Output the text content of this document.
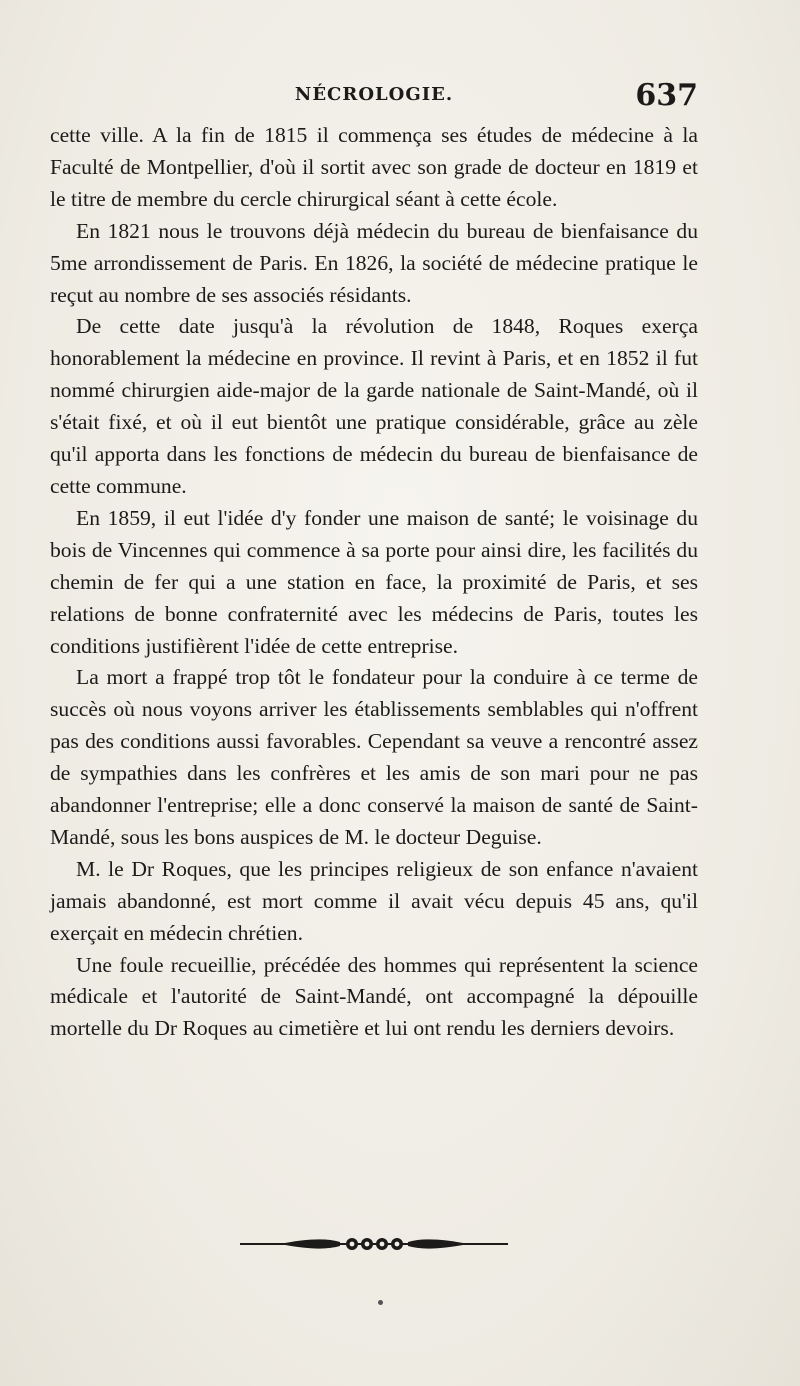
NÉCROLOGIE.	637

cette ville. A la fin de 1815 il commença ses études de médecine à la Faculté de Montpellier, d'où il sortit avec son grade de docteur en 1819 et le titre de membre du cercle chirurgical séant à cette école.

En 1821 nous le trouvons déjà médecin du bureau de bienfaisance du 5me arrondissement de Paris. En 1826, la société de médecine pratique le reçut au nombre de ses associés résidants.

De cette date jusqu'à la révolution de 1848, Roques exerça honorablement la médecine en province. Il revint à Paris, et en 1852 il fut nommé chirurgien aide-major de la garde nationale de Saint-Mandé, où il s'était fixé, et où il eut bientôt une pratique considérable, grâce au zèle qu'il apporta dans les fonctions de médecin du bureau de bienfaisance de cette commune.

En 1859, il eut l'idée d'y fonder une maison de santé; le voisinage du bois de Vincennes qui commence à sa porte pour ainsi dire, les facilités du chemin de fer qui a une station en face, la proximité de Paris, et ses relations de bonne confraternité avec les médecins de Paris, toutes les conditions justifièrent l'idée de cette entreprise.

La mort a frappé trop tôt le fondateur pour la conduire à ce terme de succès où nous voyons arriver les établissements semblables qui n'offrent pas des conditions aussi favorables. Cependant sa veuve a rencontré assez de sympathies dans les confrères et les amis de son mari pour ne pas abandonner l'entreprise; elle a donc conservé la maison de santé de Saint-Mandé, sous les bons auspices de M. le docteur Deguise.

M. le Dr Roques, que les principes religieux de son enfance n'avaient jamais abandonné, est mort comme il avait vécu depuis 45 ans, qu'il exerçait en médecin chrétien.

Une foule recueillie, précédée des hommes qui représentent la science médicale et l'autorité de Saint-Mandé, ont accompagné la dépouille mortelle du Dr Roques au cimetière et lui ont rendu les derniers devoirs.
